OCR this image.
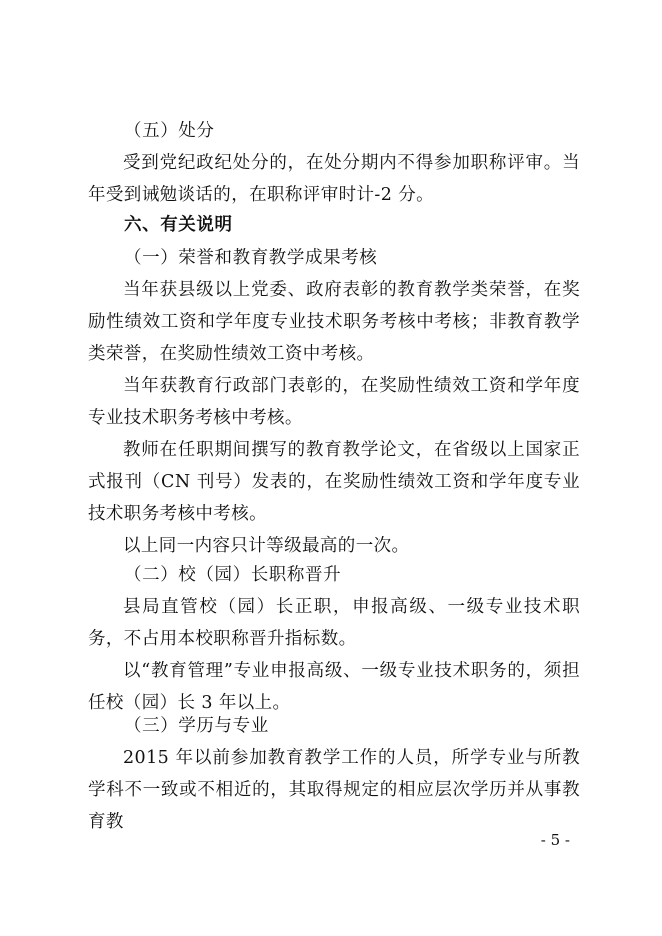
（五）处分
受到党纪政纪处分的，在处分期内不得参加职称评审。当年受到诫勉谈话的，在职称评审时计-2 分。
六、有关说明
（一）荣誉和教育教学成果考核
当年获县级以上党委、政府表彰的教育教学类荣誉，在奖励性绩效工资和学年度专业技术职务考核中考核；非教育教学类荣誉，在奖励性绩效工资中考核。
当年获教育行政部门表彰的，在奖励性绩效工资和学年度专业技术职务考核中考核。
教师在任职期间撰写的教育教学论文，在省级以上国家正式报刊（CN 刊号）发表的，在奖励性绩效工资和学年度专业技术职务考核中考核。
以上同一内容只计等级最高的一次。
（二）校（园）长职称晋升
县局直管校（园）长正职，申报高级、一级专业技术职务，不占用本校职称晋升指标数。
以“教育管理”专业申报高级、一级专业技术职务的，须担任校（园）长 3 年以上。
（三）学历与专业
2015 年以前参加教育教学工作的人员，所学专业与所教学科不一致或不相近的，其取得规定的相应层次学历并从事教育教
- 5 -
